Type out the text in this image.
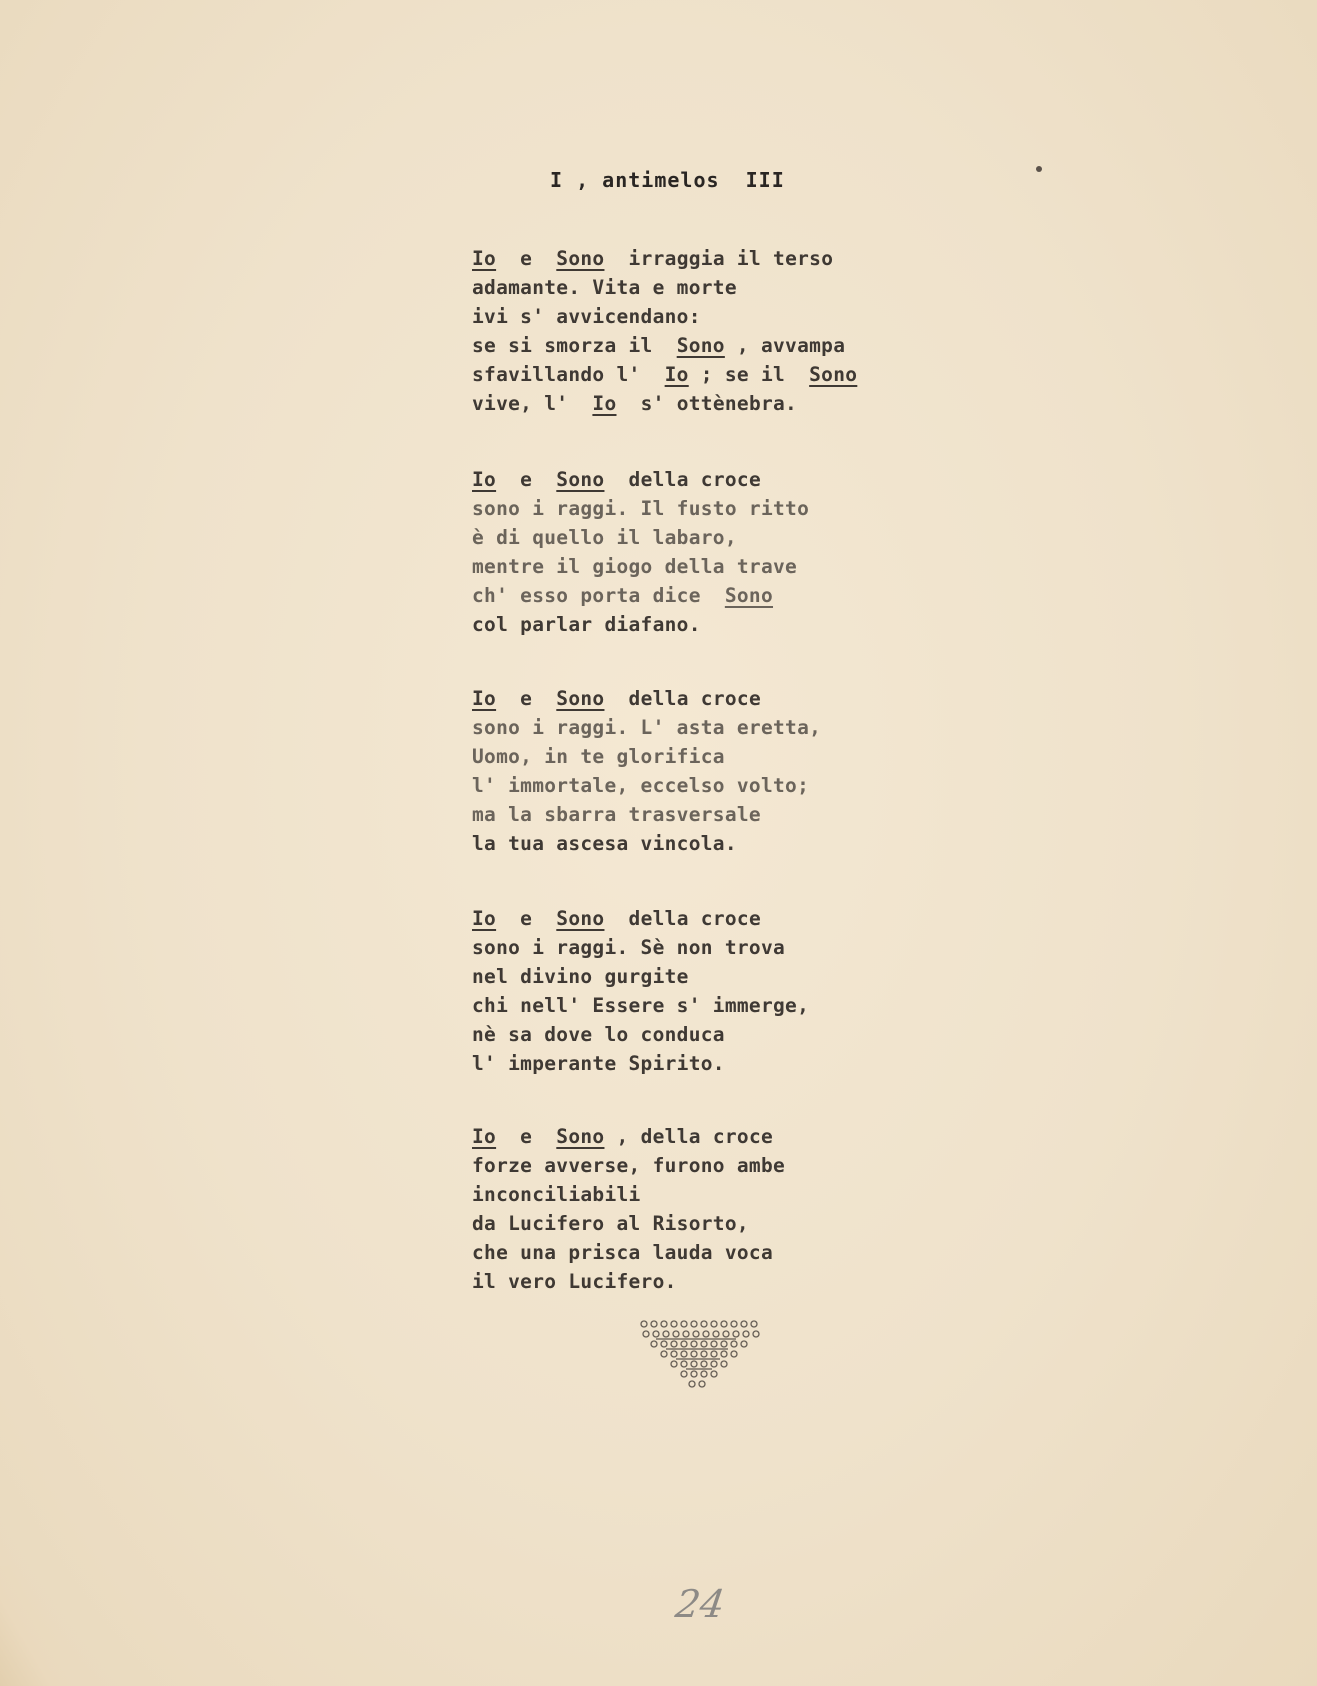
I , antimelos  III
Io  e  Sono  irraggia il terso
adamante. Vita e morte
ivi s' avvicendano:
se si smorza il  Sono , avvampa
sfavillando l'  Io ; se il  Sono
vive, l'  Io  s' ottènebra.
Io  e  Sono  della croce
sono i raggi. Il fusto ritto
è di quello il labaro,
mentre il giogo della trave
ch' esso porta dice  Sono
col parlar diafano.
Io  e  Sono  della croce
sono i raggi. L' asta eretta,
Uomo, in te glorifica
l' immortale, eccelso volto;
ma la sbarra trasversale
la tua ascesa vincola.
Io  e  Sono  della croce
sono i raggi. Sè non trova
nel divino gurgite
chi nell' Essere s' immerge,
nè sa dove lo conduca
l' imperante Spirito.
Io  e  Sono , della croce
forze avverse, furono ambe
inconciliabili
da Lucifero al Risorto,
che una prisca lauda voca
il vero Lucifero.
24
